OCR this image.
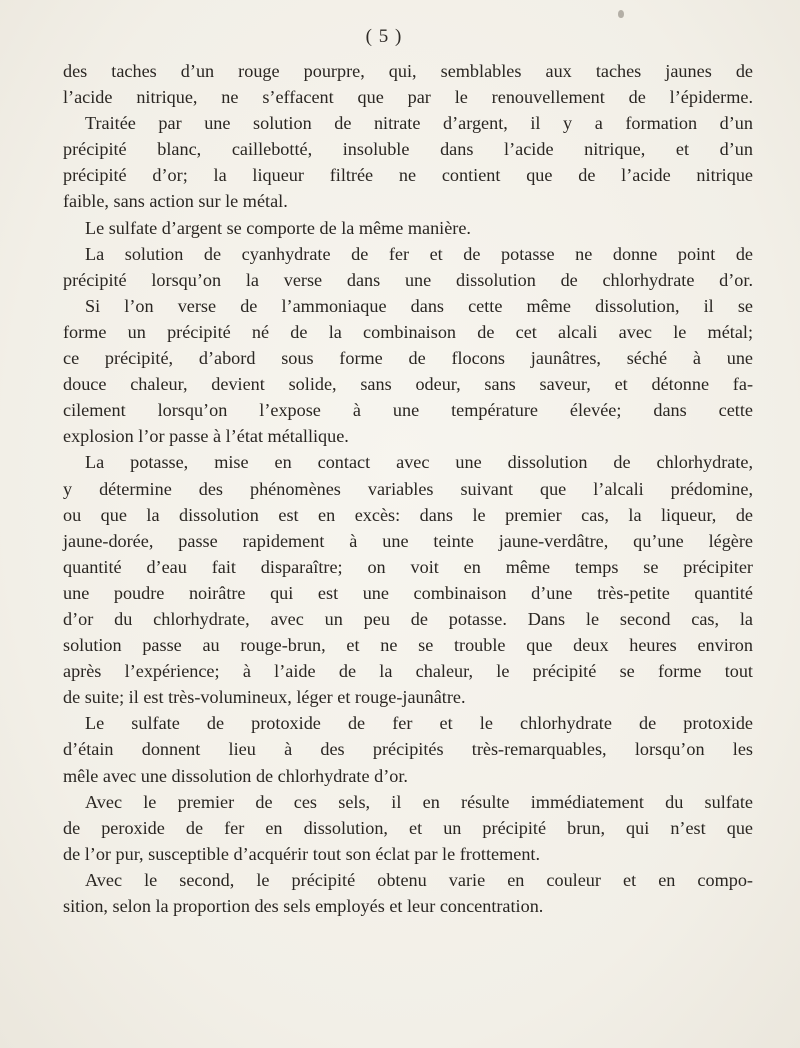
( 5 )
des taches d’un rouge pourpre, qui, semblables aux taches jaunes de
l’acide nitrique, ne s’effacent que par le renouvellement de l’épiderme.
Traitée par une solution de nitrate d’argent, il y a formation d’un
précipité blanc, caillebotté, insoluble dans l’acide nitrique, et d’un
précipité d’or; la liqueur filtrée ne contient que de l’acide nitrique
faible, sans action sur le métal.
Le sulfate d’argent se comporte de la même manière.
La solution de cyanhydrate de fer et de potasse ne donne point de
précipité lorsqu’on la verse dans une dissolution de chlorhydrate d’or.
Si l’on verse de l’ammoniaque dans cette même dissolution, il se
forme un précipité né de la combinaison de cet alcali avec le métal;
ce précipité, d’abord sous forme de flocons jaunâtres, séché à une
douce chaleur, devient solide, sans odeur, sans saveur, et détonne fa-
cilement lorsqu’on l’expose à une température élevée; dans cette
explosion l’or passe à l’état métallique.
La potasse, mise en contact avec une dissolution de chlorhydrate,
y détermine des phénomènes variables suivant que l’alcali prédomine,
ou que la dissolution est en excès: dans le premier cas, la liqueur, de
jaune-dorée, passe rapidement à une teinte jaune-verdâtre, qu’une légère
quantité d’eau fait disparaître; on voit en même temps se précipiter
une poudre noirâtre qui est une combinaison d’une très-petite quantité
d’or du chlorhydrate, avec un peu de potasse. Dans le second cas, la
solution passe au rouge-brun, et ne se trouble que deux heures environ
après l’expérience; à l’aide de la chaleur, le précipité se forme tout
de suite; il est très-volumineux, léger et rouge-jaunâtre.
Le sulfate de protoxide de fer et le chlorhydrate de protoxide
d’étain donnent lieu à des précipités très-remarquables, lorsqu’on les
mêle avec une dissolution de chlorhydrate d’or.
Avec le premier de ces sels, il en résulte immédiatement du sulfate
de peroxide de fer en dissolution, et un précipité brun, qui n’est que
de l’or pur, susceptible d’acquérir tout son éclat par le frottement.
Avec le second, le précipité obtenu varie en couleur et en compo-
sition, selon la proportion des sels employés et leur concentration.
